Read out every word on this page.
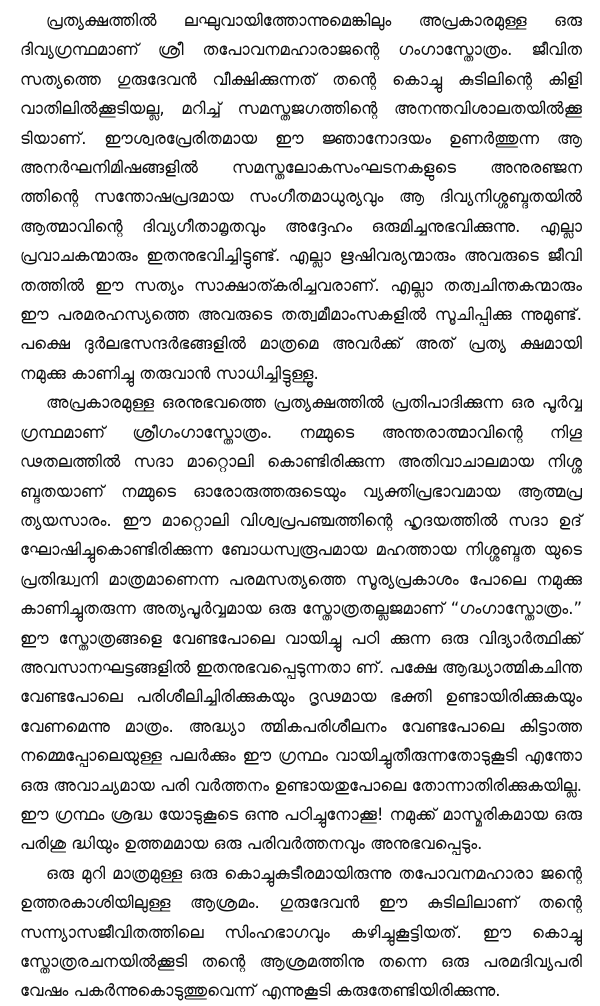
പ്രത്യക്ഷത്തിൽ ലഘുവായിത്തോന്നുമെങ്കിലും അപ്രകാരമുള്ള ഒരു ദിവ്യഗ്രന്ഥമാണ് ശ്രീ തപോവനമഹാരാജന്റെ ഗംഗാസ്തോത്രം. ജീവിത സത്യത്തെ ഗുരുദേവൻ വീക്ഷിക്കുന്നത് തന്റെ കൊച്ചു കുടിലിന്റെ കിളി വാതിലിൽക്കൂടിയല്ല, മറിച്ച് സമസ്തജഗത്തിന്റെ അനന്തവിശാലതയിൽക്കൂ ടിയാണ്. ഈശ്വരപ്രേരിതമായ ഈ ജ്ഞാനോദയം ഉണർത്തുന്ന ആ അനർഘനിമിഷങ്ങളിൽ സമസ്തലോകസംഘടനകളുടെ അനുരഞ്ജന ത്തിന്റെ സന്തോഷപ്രദമായ സംഗീതമാധുര്യവും ആ ദിവ്യനിശ്ശബ്ദതയിൽ ആത്മാവിന്റെ ദിവ്യഗീതാമൃതവും അദ്ദേഹം ഒരുമിച്ചനുഭവിക്കുന്നു. എല്ലാ പ്രവാചകന്മാരും ഇതനുഭവിച്ചിട്ടുണ്ട്. എല്ലാ ഋഷിവര്യന്മാരും അവരുടെ ജീവി തത്തിൽ ഈ സത്യം സാക്ഷാത്കരിച്ചവരാണ്. എല്ലാ തത്വചിന്തകന്മാരും ഈ പരമരഹസ്യത്തെ അവരുടെ തത്വമീമാംസകളിൽ സൂചിപ്പിക്കു ന്നുമുണ്ട്. പക്ഷെ ദുർലഭസന്ദർഭങ്ങളിൽ മാത്രമെ അവർക്ക് അത് പ്രത്യ ക്ഷമായി നമുക്കു കാണിച്ചു തരുവാൻ സാധിച്ചിട്ടുള്ളൂ.

അപ്രകാരമുള്ള ഒരനുഭവത്തെ പ്രത്യക്ഷത്തിൽ പ്രതിപാദിക്കുന്ന ഒര പൂർവ്വ ഗ്രന്ഥമാണ് ശ്രീഗംഗാസ്തോത്രം. നമ്മുടെ അന്തരാത്മാവിന്റെ നിഗൂ ഢതലത്തിൽ സദാ മാറ്റൊലി കൊണ്ടിരിക്കുന്ന അതിവാചാലമായ നിശ്ശ ബ്ദതയാണ് നമ്മുടെ ഓരോരുത്തരുടെയും വ്യക്തിപ്രഭാവമായ ആത്മപ്ര ത്യയസാരം. ഈ മാറ്റൊലി വിശ്വപ്രപഞ്ചത്തിന്റെ ഹൃദയത്തിൽ സദാ ഉദ് ഘോഷിച്ചുകൊണ്ടിരിക്കുന്ന ബോധസ്വരൂപമായ മഹത്തായ നിശ്ശബ്ദത യുടെ പ്രതിദ്ധ്വനി മാത്രമാണെന്ന പരമസത്യത്തെ സൂര്യപ്രകാശം പോലെ നമുക്കു കാണിച്ചുതരുന്ന അത്യപൂർവ്വമായ ഒരു സ്തോത്രതല്ലജമാണ് “ഗംഗാസ്തോത്രം.” ഈ സ്തോത്രങ്ങളെ വേണ്ടപോലെ വായിച്ചു പഠി ക്കുന്ന ഒരു വിദ്യാർത്ഥിക്ക് അവസാനഘട്ടങ്ങളിൽ ഇതനുഭവപ്പെടുന്നതാ ണ്. പക്ഷേ ആദ്ധ്യാത്മികചിന്ത വേണ്ടപോലെ പരിശീലിച്ചിരിക്കുകയും ദൃഢമായ ഭക്തി ഉണ്ടായിരിക്കുകയും വേണമെന്നു മാത്രം. അദ്ധ്യാ ത്മികപരിശീലനം വേണ്ടപോലെ കിട്ടാത്ത നമ്മെപ്പോലെയുള്ള പലർക്കും ഈ ഗ്രന്ഥം വായിച്ചുതീരുന്നതോടുകൂടി എന്തോ ഒരു അവാച്യമായ പരി വർത്തനം ഉണ്ടായതുപോലെ തോന്നാതിരിക്കുകയില്ല. ഈ ഗ്രന്ഥം ശ്രദ്ധ യോടുകൂടെ ഒന്നു പഠിച്ചുനോക്കൂ! നമുക്ക് മാസ്മരികമായ ഒരു പരിശു ദ്ധിയും ഉത്തമമായ ഒരു പരിവർത്തനവും അനുഭവപ്പെടും.

ഒരു മുറി മാത്രമുള്ള ഒരു കൊച്ചുകുടീരമായിരുന്നു തപോവനമഹാരാ ജന്റെ ഉത്തരകാശിയിലുള്ള ആശ്രമം. ഗുരുദേവൻ ഈ കുടിലിലാണ് തന്റെ സന്ന്യാസജീവിതത്തിലെ സിംഹഭാഗവും കഴിച്ചുകൂട്ടിയത്. ഈ കൊച്ചു സ്തോത്രരചനയിൽക്കൂടി തന്റെ ആശ്രമത്തിനു തന്നെ ഒരു പരമദിവ്യപരി വേഷം പകർന്നുകൊടുത്തുവെന്ന് എന്നുകൂടി കരുതേണ്ടിയിരിക്കുന്നു.
